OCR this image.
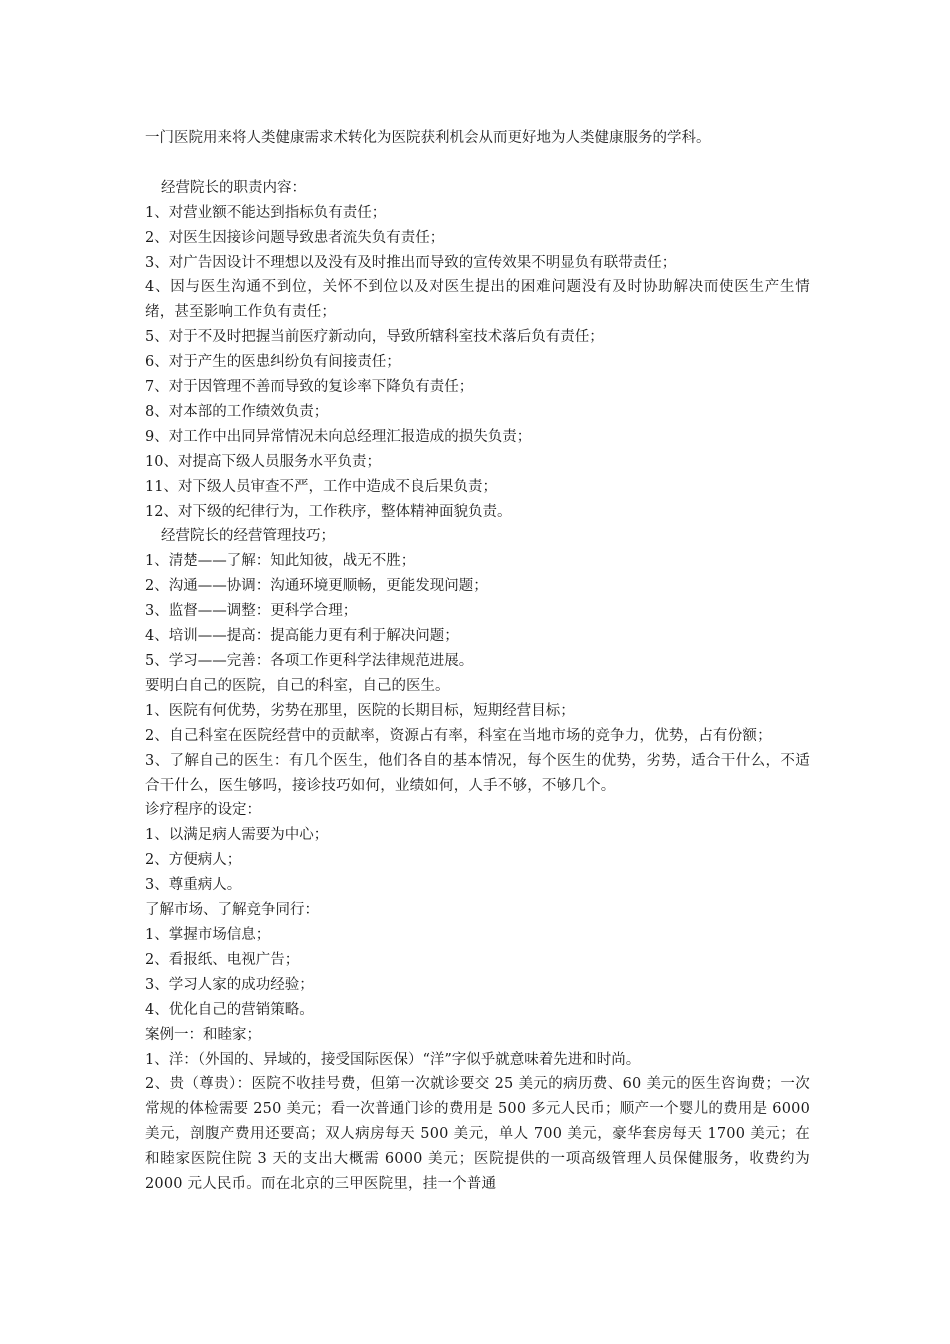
一门医院用来将人类健康需求术转化为医院获利机会从而更好地为人类健康服务的学科。
经营院长的职责内容：
1、对营业额不能达到指标负有责任；
2、对医生因接诊问题导致患者流失负有责任；
3、对广告因设计不理想以及没有及时推出而导致的宣传效果不明显负有联带责任；
4、因与医生沟通不到位，关怀不到位以及对医生提出的困难问题没有及时协助解决而使医生产生情绪，甚至影响工作负有责任；
5、对于不及时把握当前医疗新动向，导致所辖科室技术落后负有责任；
6、对于产生的医患纠纷负有间接责任；
7、对于因管理不善而导致的复诊率下降负有责任；
8、对本部的工作绩效负责；
9、对工作中出同异常情况未向总经理汇报造成的损失负责；
10、对提高下级人员服务水平负责；
11、对下级人员审查不严，工作中造成不良后果负责；
12、对下级的纪律行为，工作秩序，整体精神面貌负责。
经营院长的经营管理技巧；
1、清楚——了解：知此知彼，战无不胜；
2、沟通——协调：沟通环境更顺畅，更能发现问题；
3、监督——调整：更科学合理；
4、培训——提高：提高能力更有利于解决问题；
5、学习——完善：各项工作更科学法律规范进展。
要明白自己的医院，自己的科室，自己的医生。
1、医院有何优势，劣势在那里，医院的长期目标，短期经营目标；
2、自己科室在医院经营中的贡献率，资源占有率，科室在当地市场的竞争力，优势，占有份额；
3、了解自己的医生：有几个医生，他们各自的基本情况，每个医生的优势，劣势，适合干什么，不适合干什么，医生够吗，接诊技巧如何，业绩如何，人手不够，不够几个。
诊疗程序的设定：
1、以满足病人需要为中心；
2、方便病人；
3、尊重病人。
了解市场、了解竞争同行：
1、掌握市场信息；
2、看报纸、电视广告；
3、学习人家的成功经验；
4、优化自己的营销策略。
案例一：和睦家；
1、洋：（外国的、异域的，接受国际医保）“洋”字似乎就意味着先进和时尚。
2、贵（尊贵）：医院不收挂号费，但第一次就诊要交 25 美元的病历费、60 美元的医生咨询费；一次常规的体检需要 250 美元；看一次普通门诊的费用是 500 多元人民币；顺产一个婴儿的费用是 6000 美元，剖腹产费用还要高；双人病房每天 500 美元，单人 700 美元，豪华套房每天 1700 美元；在和睦家医院住院 3 天的支出大概需 6000 美元；医院提供的一项高级管理人员保健服务，收费约为 2000 元人民币。而在北京的三甲医院里，挂一个普通
